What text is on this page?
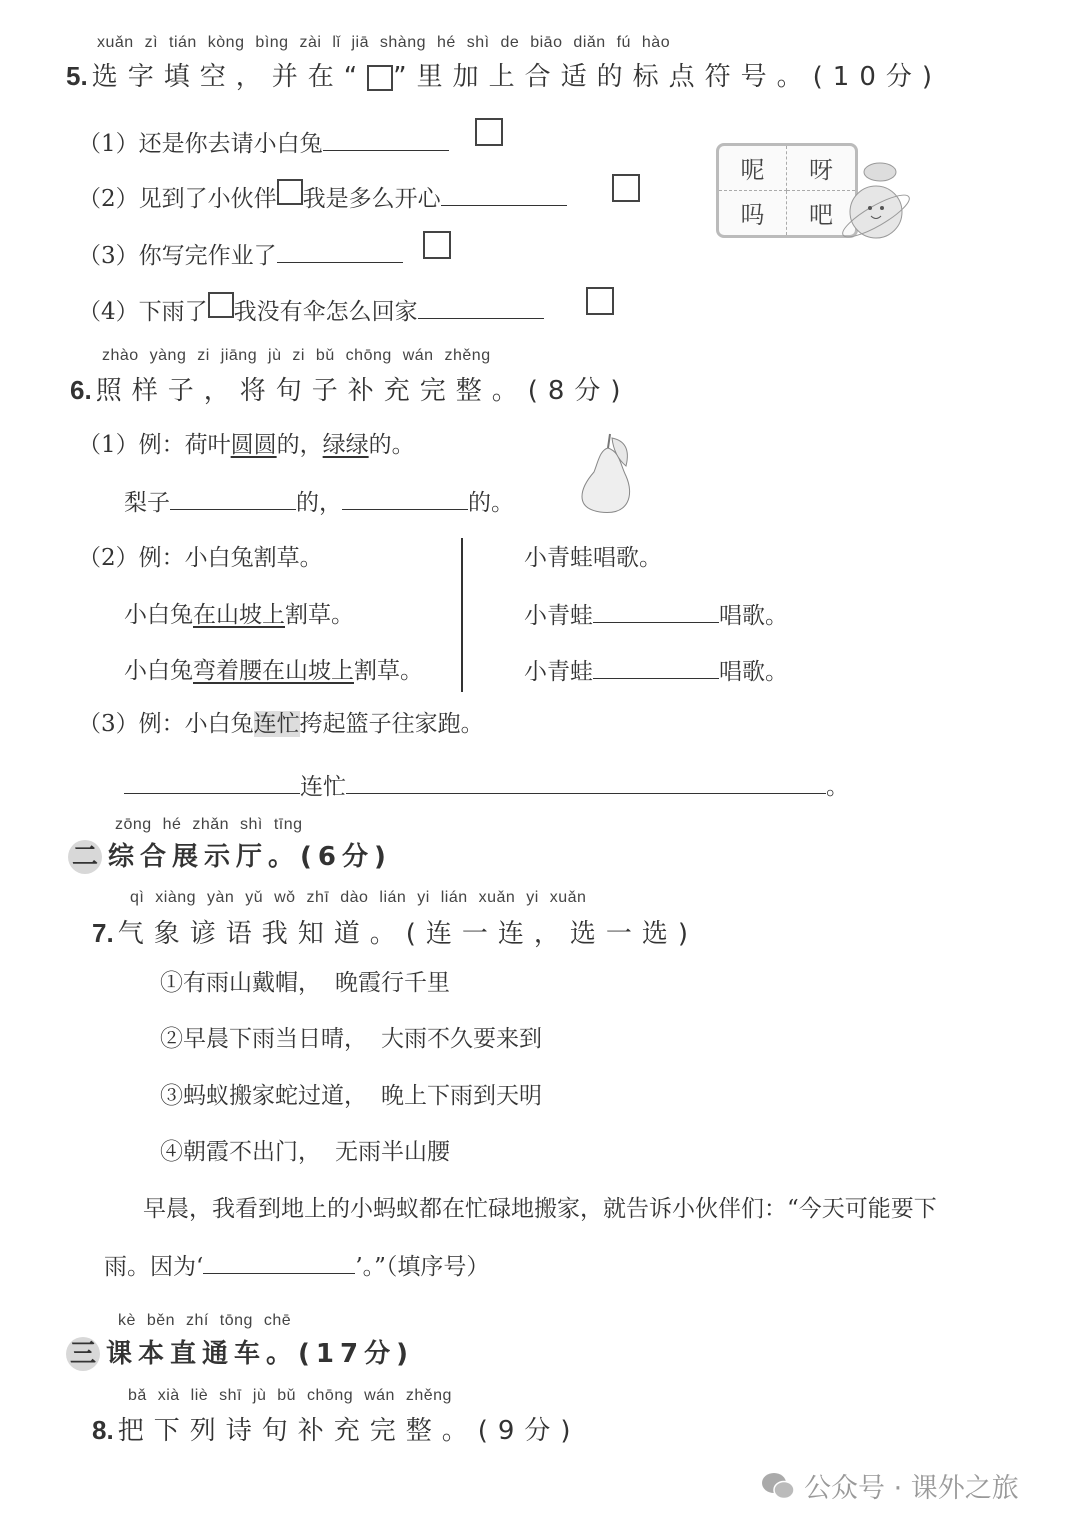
xuǎn zì tián kòng bìng zài lǐ jiā shàng hé shì de biāo diǎn fú hào
5. 选字填空，并在“ ”里加上合适的标点符号。(10分)
（1）还是你去请小白兔
（2）见到了小伙伴 我是多么开心
（3）你写完作业了
（4）下雨了 我没有伞怎么回家
呢	呀
吗	吧
zhào yàng zi jiāng jù zi bǔ chōng wán zhěng
6. 照样子，将句子补充完整。(8分)
（1）例：荷叶圆圆的，绿绿的。
梨子	的，	的。
（2）例：小白兔割草。
小白兔在山坡上割草。
小白兔弯着腰在山坡上割草。
小青蛙唱歌。
小青蛙	唱歌。
小青蛙	唱歌。
（3）例：小白兔连忙挎起篮子往家跑。
连忙	。
zōng hé zhǎn shì tīng
二 综合展示厅。(6分)
qì xiàng yàn yǔ wǒ zhī dào lián yi lián xuǎn yi xuǎn
7. 气象谚语我知道。(连一连，选一选)
①有雨山戴帽， 晚霞行千里
②早晨下雨当日晴， 大雨不久要来到
③蚂蚁搬家蛇过道， 晚上下雨到天明
④朝霞不出门， 无雨半山腰
早晨，我看到地上的小蚂蚁都在忙碌地搬家，就告诉小伙伴们：“今天可能要下
雨。因为‘	’。”（填序号）
kè běn zhí tōng chē
三 课本直通车。(17分)
bǎ xià liè shī jù bǔ chōng wán zhěng
8. 把下列诗句补充完整。(9分)
公众号 · 课外之旅
